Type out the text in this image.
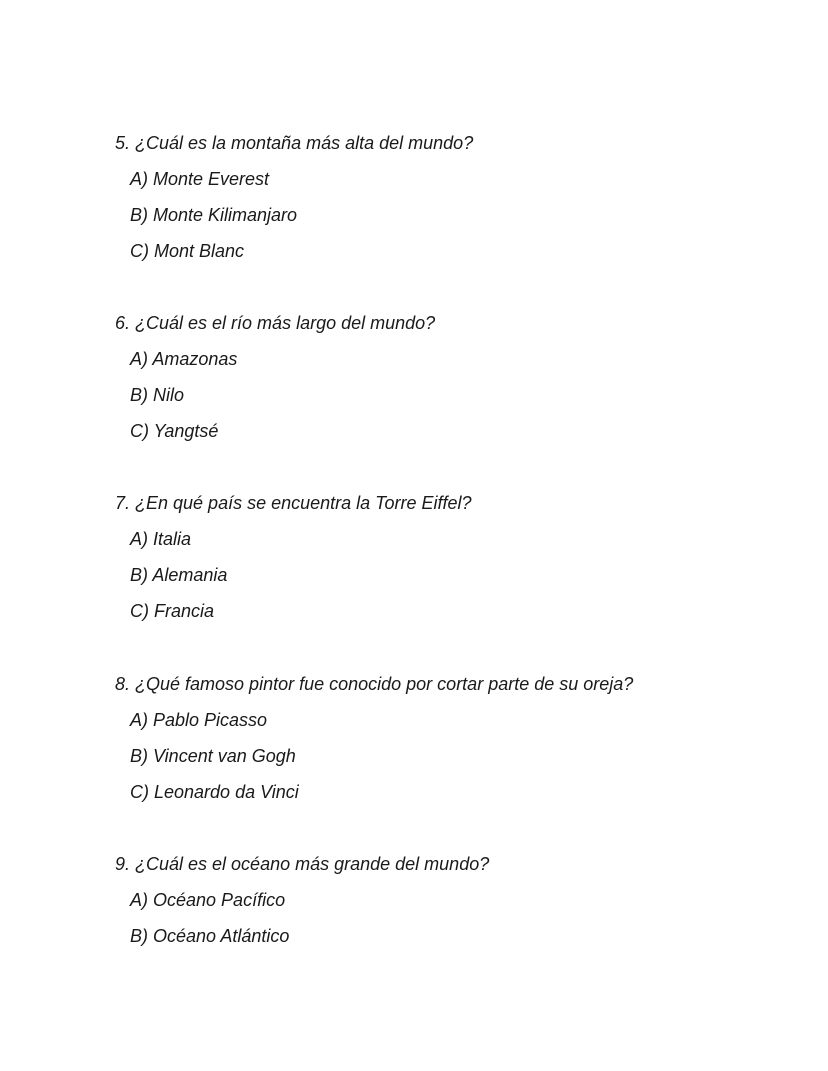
5. ¿Cuál es la montaña más alta del mundo?

A) Monte Everest
B) Monte Kilimanjaro
C) Mont Blanc

6. ¿Cuál es el río más largo del mundo?

A) Amazonas
B) Nilo
C) Yangtsé

7. ¿En qué país se encuentra la Torre Eiffel?

A) Italia
B) Alemania
C) Francia

8. ¿Qué famoso pintor fue conocido por cortar parte de su oreja?

A) Pablo Picasso
B) Vincent van Gogh
C) Leonardo da Vinci

9. ¿Cuál es el océano más grande del mundo?

A) Océano Pacífico
B) Océano Atlántico
